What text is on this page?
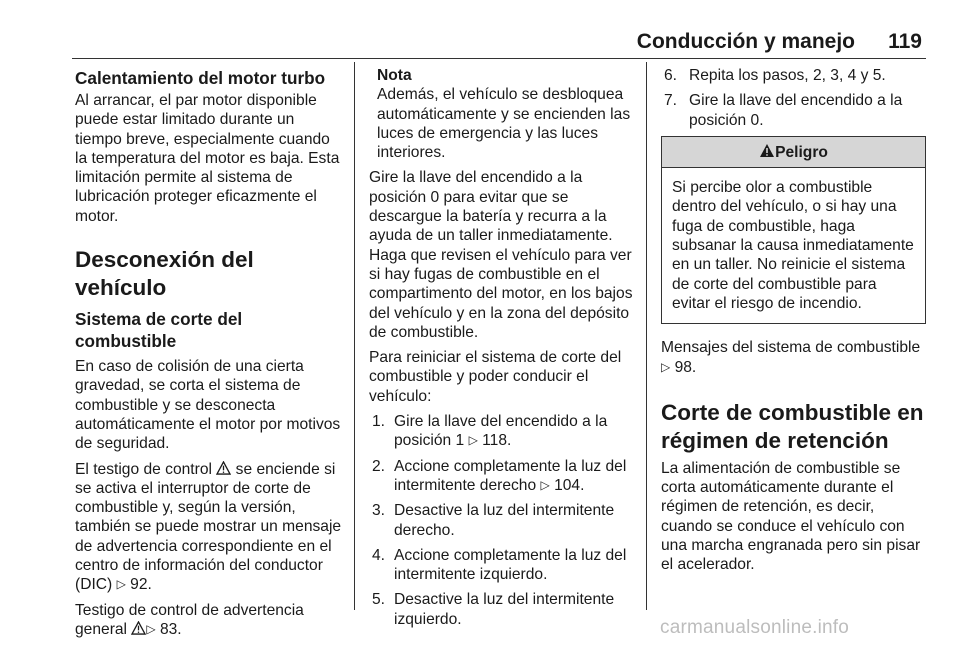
Conducción y manejo 119
Calentamiento del motor turbo

Al arrancar, el par motor disponible puede estar limitado durante un tiempo breve, especialmente cuando la temperatura del motor es baja. Esta limitación permite al sistema de lubricación proteger eficazmente el motor.

Desconexión del vehículo
Sistema de corte del combustible

En caso de colisión de una cierta gravedad, se corta el sistema de combustible y se desconecta automáticamente el motor por motivos de seguridad.

El testigo de control  se enciende si se activa el interruptor de corte de combustible y, según la versión, también se puede mostrar un mensaje de advertencia correspondiente en el centro de información del conductor (DIC) ▷ 92.

Testigo de control de advertencia general ▷ 83.

Nota
Además, el vehículo se desbloquea automáticamente y se encienden las luces de emergencia y las luces interiores.

Gire la llave del encendido a la posición 0 para evitar que se descargue la batería y recurra a la ayuda de un taller inmediatamente. Haga que revisen el vehículo para ver si hay fugas de combustible en el compartimento del motor, en los bajos del vehículo y en la zona del depósito de combustible.

Para reiniciar el sistema de corte del combustible y poder conducir el vehículo:

1. Gire la llave del encendido a la posición 1 ▷ 118.
2. Accione completamente la luz del intermitente derecho ▷ 104.
3. Desactive la luz del intermitente derecho.
4. Accione completamente la luz del intermitente izquierdo.
5. Desactive la luz del intermitente izquierdo.
6. Repita los pasos, 2, 3, 4 y 5.
7. Gire la llave del encendido a la posición 0.
Peligro
Si percibe olor a combustible dentro del vehículo, o si hay una fuga de combustible, haga subsanar la causa inmediatamente en un taller. No reinicie el sistema de corte del combustible para evitar el riesgo de incendio.

Mensajes del sistema de combustible ▷ 98.

Corte de combustible en régimen de retención

La alimentación de combustible se corta automáticamente durante el régimen de retención, es decir, cuando se conduce el vehículo con una marcha engranada pero sin pisar el acelerador.

carmanualsonline.info
